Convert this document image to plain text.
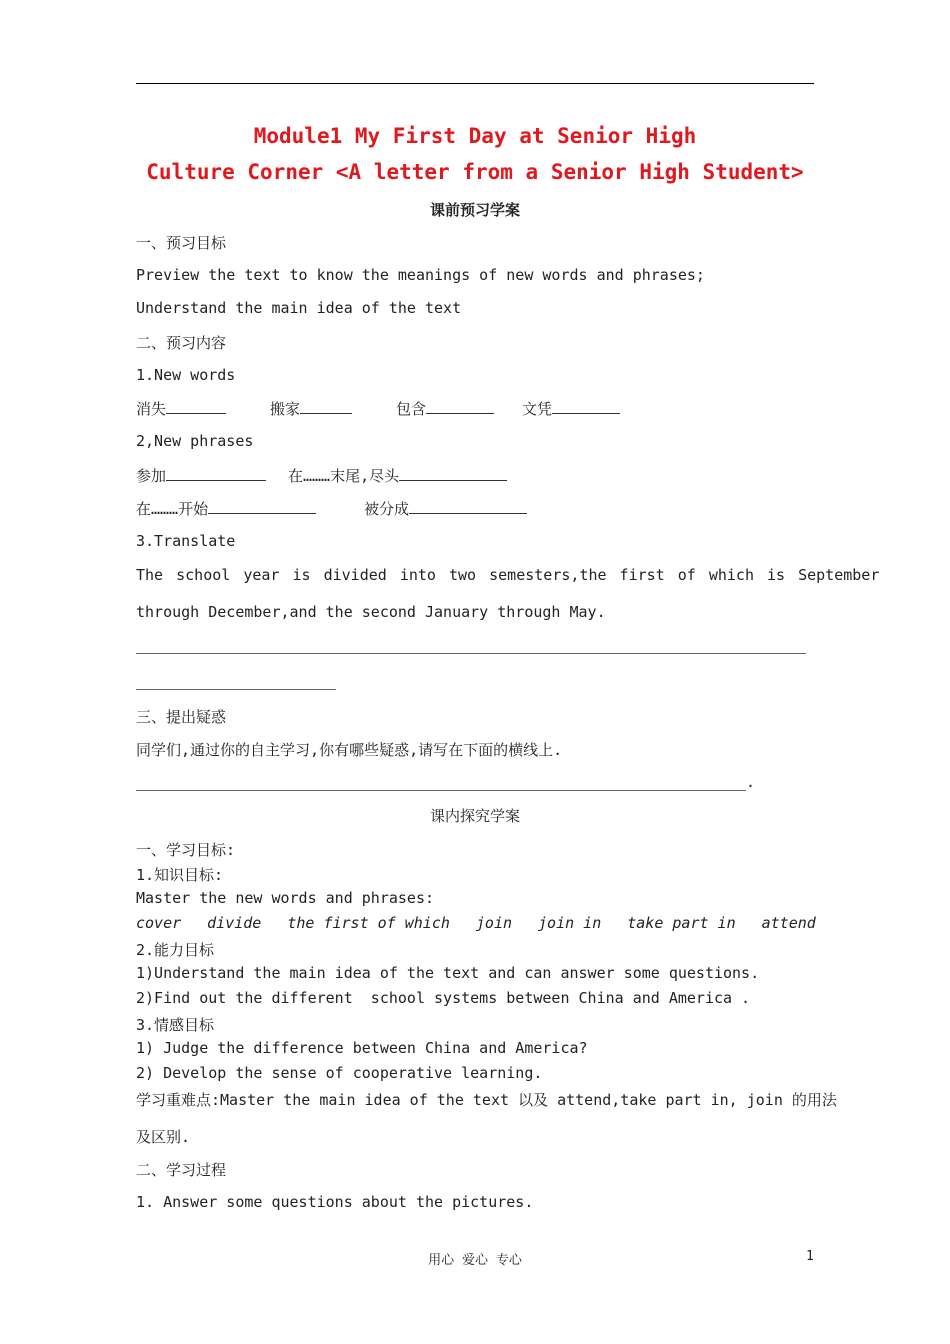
Module1 My First Day at Senior High
Culture Corner <A letter from a Senior High Student>
课前预习学案
一、预习目标
Preview the text to know the meanings of new words and phrases;
Understand the main idea of the text
二、预习内容
1.New words
消失	搬家	包含	文凭
2,New phrases
参加	在………末尾,尽头
在………开始	被分成
3.Translate
The school year is divided into two semesters,the first of which is September
through December,and the second January through May.
三、提出疑惑
同学们,通过你的自主学习,你有哪些疑惑,请写在下面的横线上.
.
课内探究学案
一、学习目标:
1.知识目标:
Master the new words and phrases:
cover divide the first of which join join in take part in attend
2.能力目标
1)Understand the main idea of the text and can answer some questions.
2)Find out the different  school systems between China and America .
3.情感目标
1) Judge the difference between China and America?
2) Develop the sense of cooperative learning.
学习重难点:Master the main idea of the text 以及 attend,take part in, join 的用法
及区别.
二、学习过程
1. Answer some questions about the pictures.
用心 爱心 专心	1
